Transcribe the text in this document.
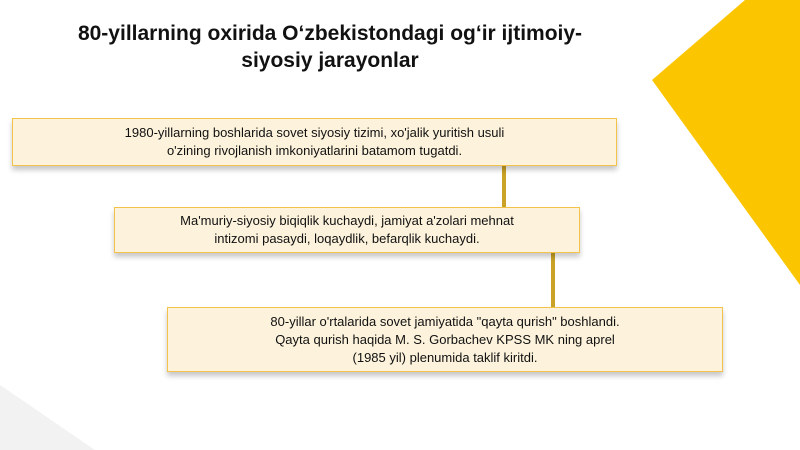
80-yillarning oxirida O‘zbekistondagi og‘ir ijtimoiy-
siyosiy jarayonlar
1980-yillarning boshlarida sovet siyosiy tizimi, xo'jalik yuritish usuli
o'zining rivojlanish imkoniyatlarini batamom tugatdi.
Ma'muriy-siyosiy biqiqlik kuchaydi, jamiyat a'zolari mehnat
intizomi pasaydi, loqaydlik, befarqlik kuchaydi.
80-yillar o'rtalarida sovet jamiyatida "qayta qurish" boshlandi.
Qayta qurish haqida M. S. Gorbachev KPSS MK ning aprel
(1985 yil) plenumida taklif kiritdi.
